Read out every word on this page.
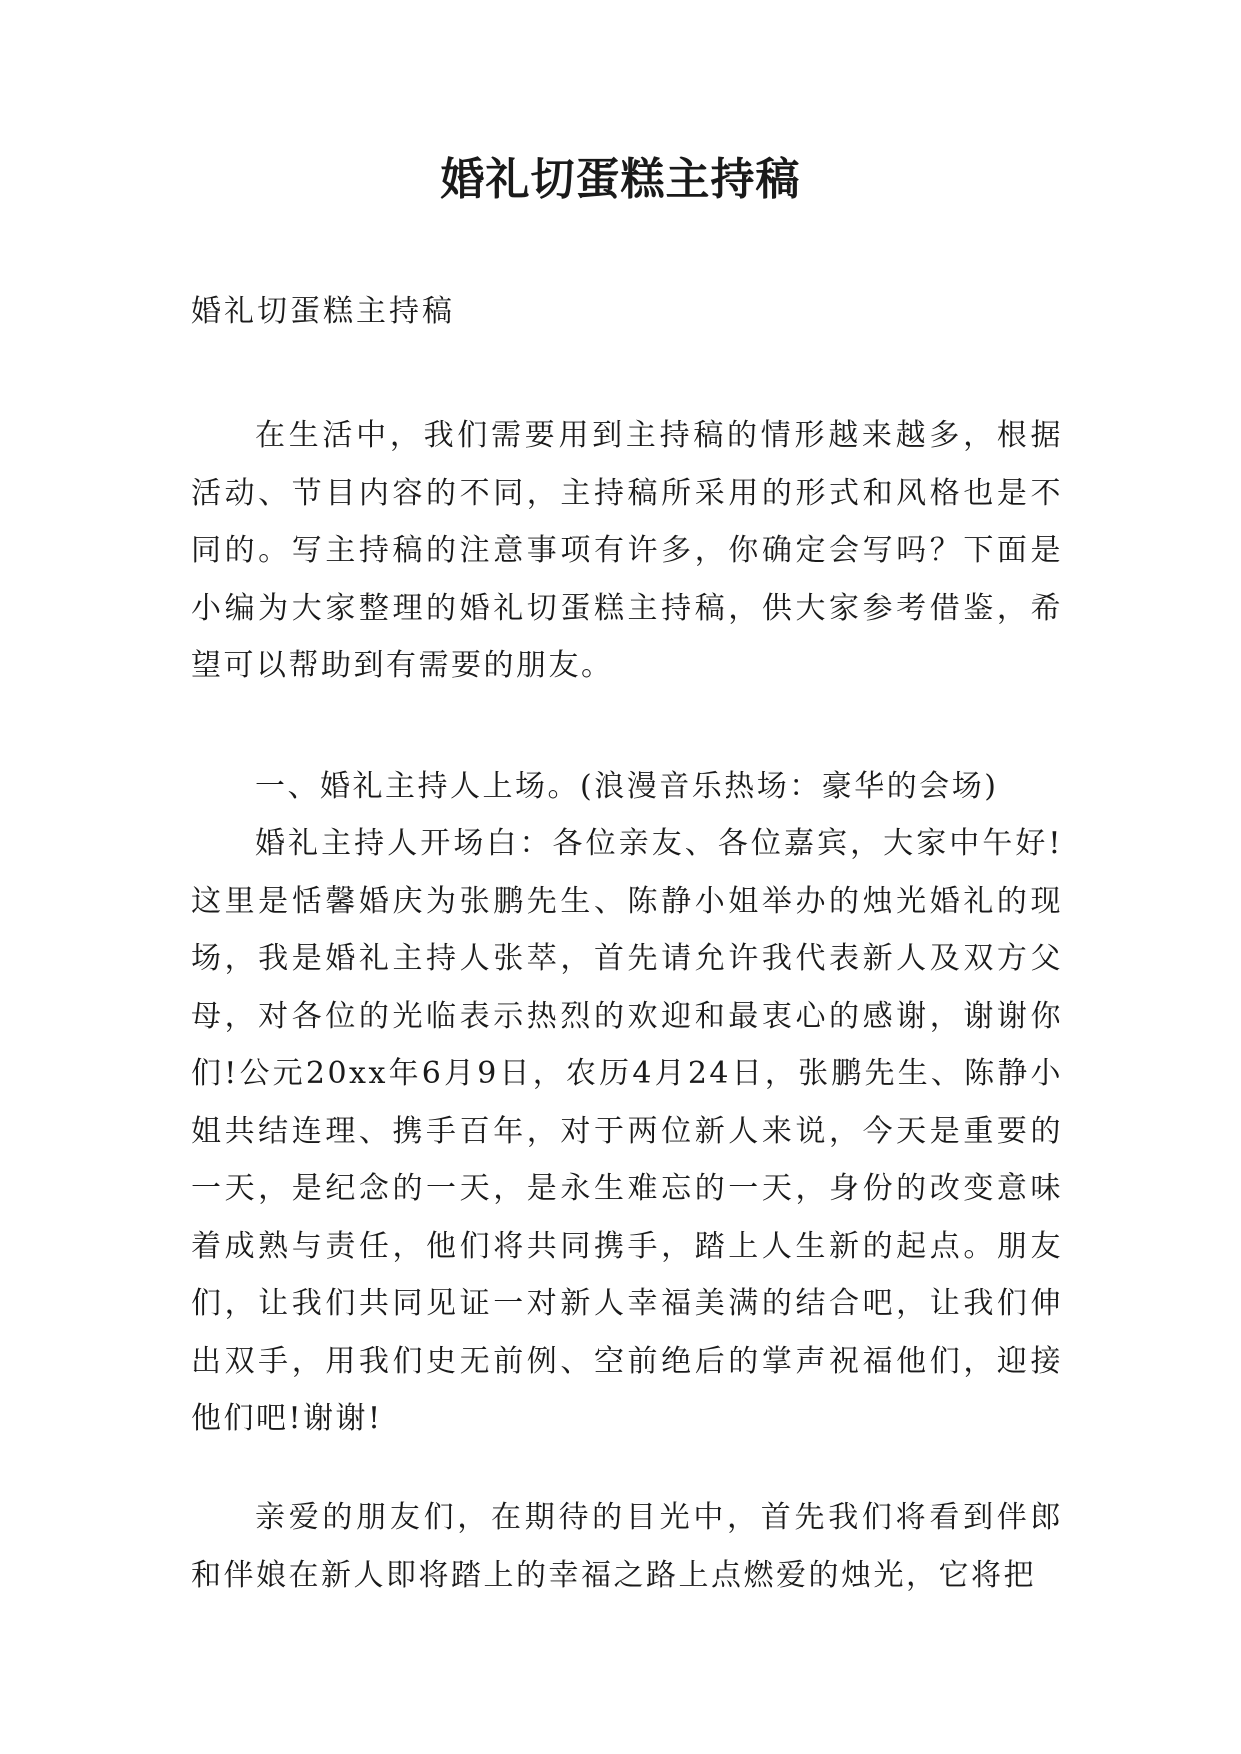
婚礼切蛋糕主持稿

婚礼切蛋糕主持稿

在生活中，我们需要用到主持稿的情形越来越多，根据活动、节目内容的不同，主持稿所采用的形式和风格也是不同的。写主持稿的注意事项有许多，你确定会写吗？下面是小编为大家整理的婚礼切蛋糕主持稿，供大家参考借鉴，希望可以帮助到有需要的朋友。

一、婚礼主持人上场。(浪漫音乐热场：豪华的会场)

婚礼主持人开场白：各位亲友、各位嘉宾，大家中午好!这里是恬馨婚庆为张鹏先生、陈静小姐举办的烛光婚礼的现场，我是婚礼主持人张萃，首先请允许我代表新人及双方父母，对各位的光临表示热烈的欢迎和最衷心的感谢，谢谢你们!公元20xx年6月9日，农历4月24日，张鹏先生、陈静小姐共结连理、携手百年，对于两位新人来说，今天是重要的一天，是纪念的一天，是永生难忘的一天，身份的改变意味着成熟与责任，他们将共同携手，踏上人生新的起点。朋友们，让我们共同见证一对新人幸福美满的结合吧，让我们伸出双手，用我们史无前例、空前绝后的掌声祝福他们，迎接他们吧!谢谢!

亲爱的朋友们，在期待的目光中，首先我们将看到伴郎和伴娘在新人即将踏上的幸福之路上点燃爱的烛光，它将把
